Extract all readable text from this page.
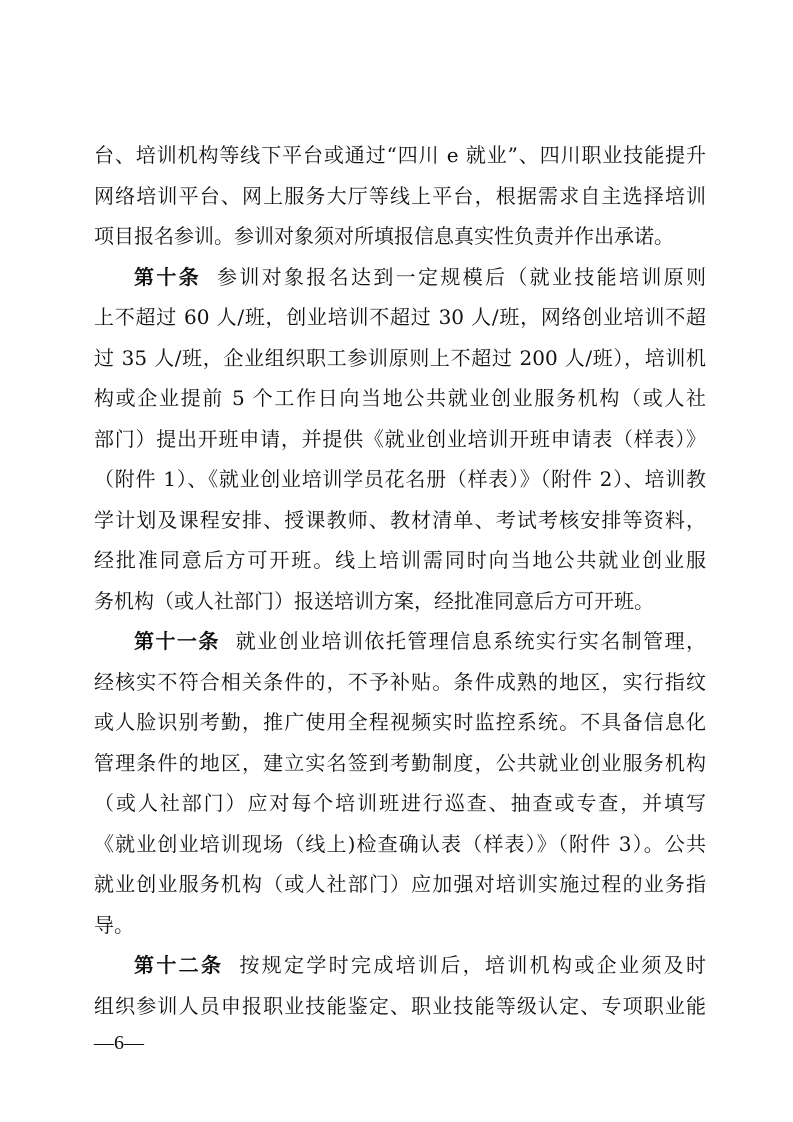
台、培训机构等线下平台或通过“四川 e 就业”、四川职业技能提升
网络培训平台、网上服务大厅等线上平台，根据需求自主选择培训
项目报名参训。参训对象须对所填报信息真实性负责并作出承诺。
第十条 参训对象报名达到一定规模后（就业技能培训原则
上不超过 60 人/班，创业培训不超过 30 人/班，网络创业培训不超
过 35 人/班，企业组织职工参训原则上不超过 200 人/班），培训机
构或企业提前 5 个工作日向当地公共就业创业服务机构（或人社
部门）提出开班申请，并提供《就业创业培训开班申请表（样表）》
（附件 1）、《就业创业培训学员花名册（样表）》（附件 2）、培训教
学计划及课程安排、授课教师、教材清单、考试考核安排等资料，
经批准同意后方可开班。线上培训需同时向当地公共就业创业服
务机构（或人社部门）报送培训方案，经批准同意后方可开班。
第十一条 就业创业培训依托管理信息系统实行实名制管理，
经核实不符合相关条件的，不予补贴。条件成熟的地区，实行指纹
或人脸识别考勤，推广使用全程视频实时监控系统。不具备信息化
管理条件的地区，建立实名签到考勤制度，公共就业创业服务机构
（或人社部门）应对每个培训班进行巡查、抽查或专查，并填写
《就业创业培训现场（线上)检查确认表（样表）》（附件 3）。公共
就业创业服务机构（或人社部门）应加强对培训实施过程的业务指
导。
第十二条 按规定学时完成培训后，培训机构或企业须及时
组织参训人员申报职业技能鉴定、职业技能等级认定、专项职业能
—6—
